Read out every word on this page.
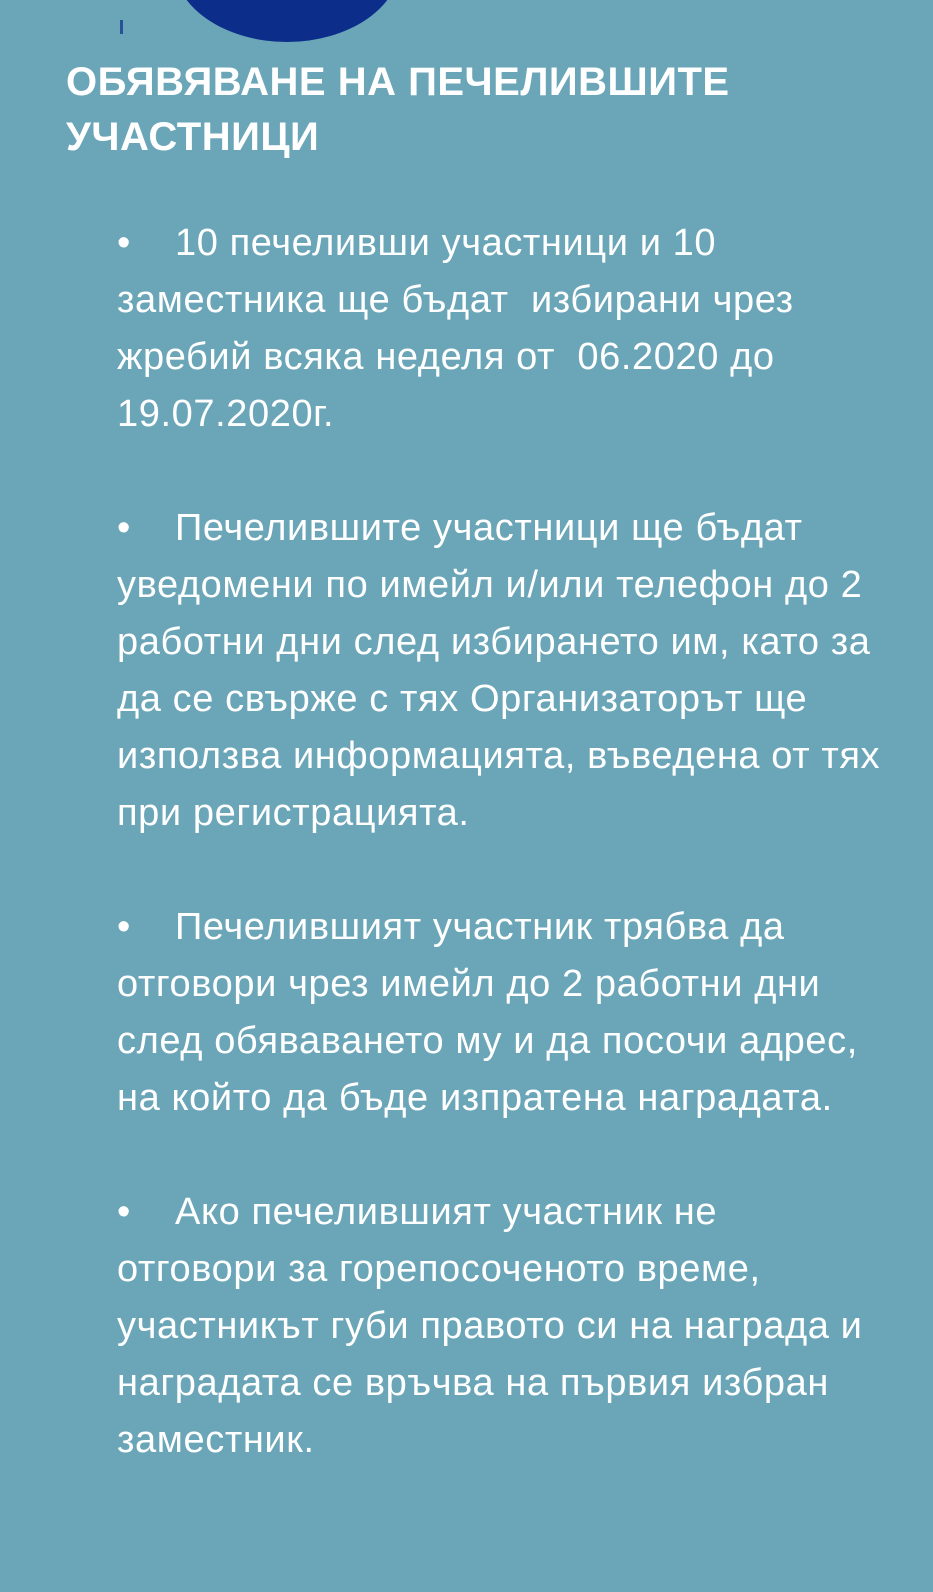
ОБЯВЯВАНЕ НА ПЕЧЕЛИВШИТЕ УЧАСТНИЦИ
• 10 печеливши участници и 10 заместника ще бъдат  избирани чрез жребий всяка неделя от  06.2020 до 19.07.2020г.
• Печелившите участници ще бъдат уведомени по имейл и/или телефон до 2 работни дни след избирането им, като за да се свърже с тях Организаторът ще използва информацията, въведена от тях при регистрацията.
• Печелившият участник трябва да отговори чрез имейл до 2 работни дни след обяваването му и да посочи адрес, на който да бъде изпратена наградата.
• Ако печелившият участник не отговори за горепосоченото време, участникът губи правото си на награда и наградата се връчва на първия избран заместник.
